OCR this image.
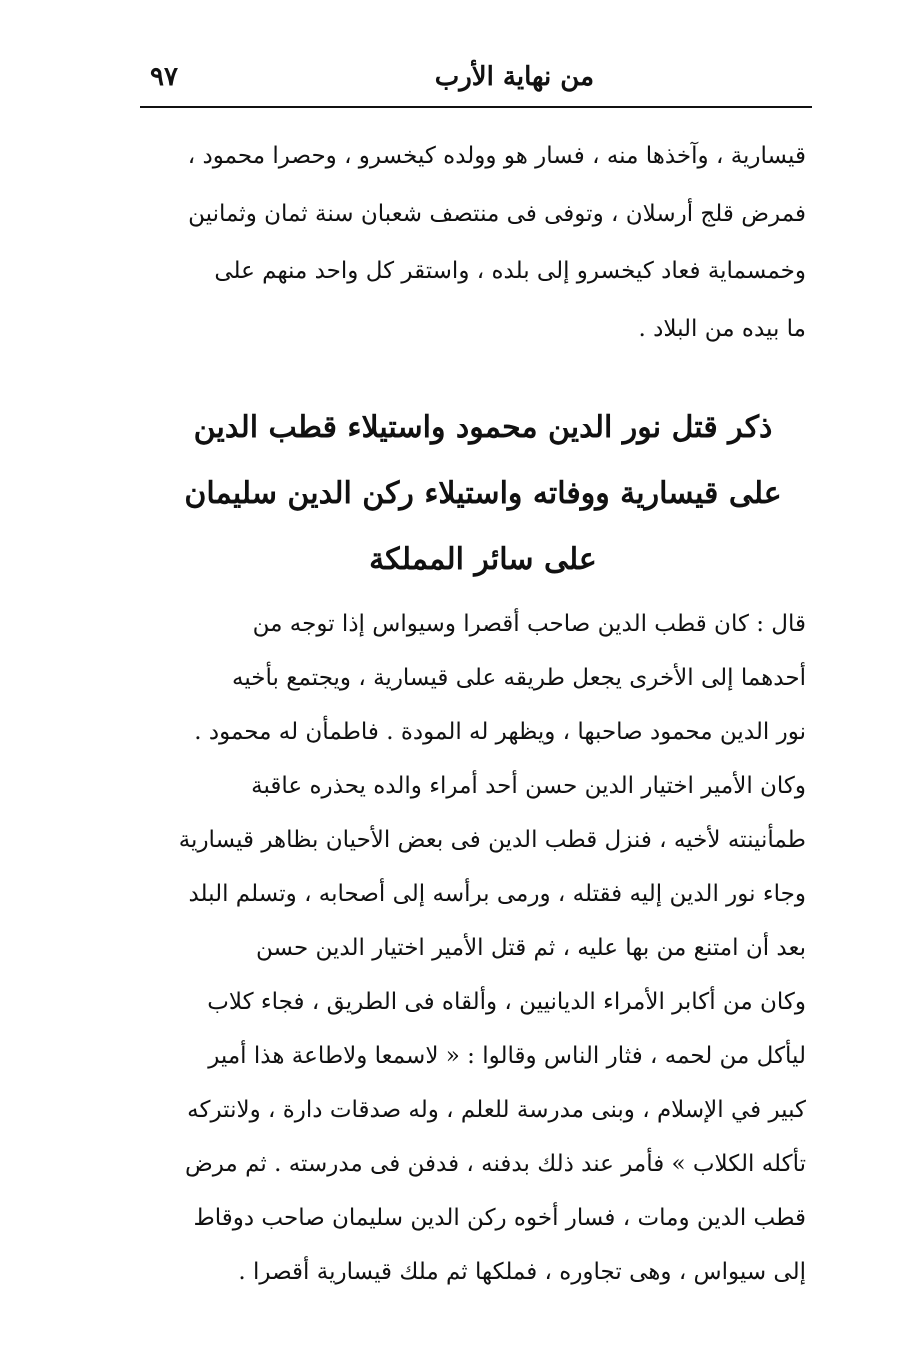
٩٧	من نهاية الأرب
قيسارية ، وآخذها منه ، فسار هو وولده كيخسرو ، وحصرا محمود ،
فمرض قلج أرسلان ، وتوفى فى منتصف شعبان سنة ثمان وثمانين
وخمسماية فعاد كيخسرو إلى بلده ، واستقر كل واحد منهم على
ما بيده من البلاد .
ذكر قتل نور الدين محمود واستيلاء قطب الدين
على قيسارية ووفاته واستيلاء ركن الدين سليمان
على سائر المملكة
قال : كان قطب الدين صاحب أقصرا وسيواس إذا توجه من
أحدهما إلى الأخرى يجعل طريقه على قيسارية ، ويجتمع بأخيه
نور الدين محمود صاحبها ، ويظهر له المودة . فاطمأن له محمود .
وكان الأمير اختيار الدين حسن أحد أمراء والده يحذره عاقبة
طمأنينته لأخيه ، فنزل قطب الدين فى بعض الأحيان بظاهر قيسارية
وجاء نور الدين إليه فقتله ، ورمى برأسه إلى أصحابه ، وتسلم البلد
بعد أن امتنع من بها عليه ، ثم قتل الأمير اختيار الدين حسن
وكان من أكابر الأمراء الديانيين ، وألقاه فى الطريق ، فجاء كلاب
ليأكل من لحمه ، فثار الناس وقالوا : « لاسمعا ولاطاعة هذا أمير
كبير في الإسلام ، وبنى مدرسة للعلم ، وله صدقات دارة ، ولانتركه
تأكله الكلاب » فأمر عند ذلك بدفنه ، فدفن فى مدرسته . ثم مرض
قطب الدين ومات ، فسار أخوه ركن الدين سليمان صاحب دوقاط
إلى سيواس ، وهى تجاوره ، فملكها ثم ملك قيسارية أقصرا .
